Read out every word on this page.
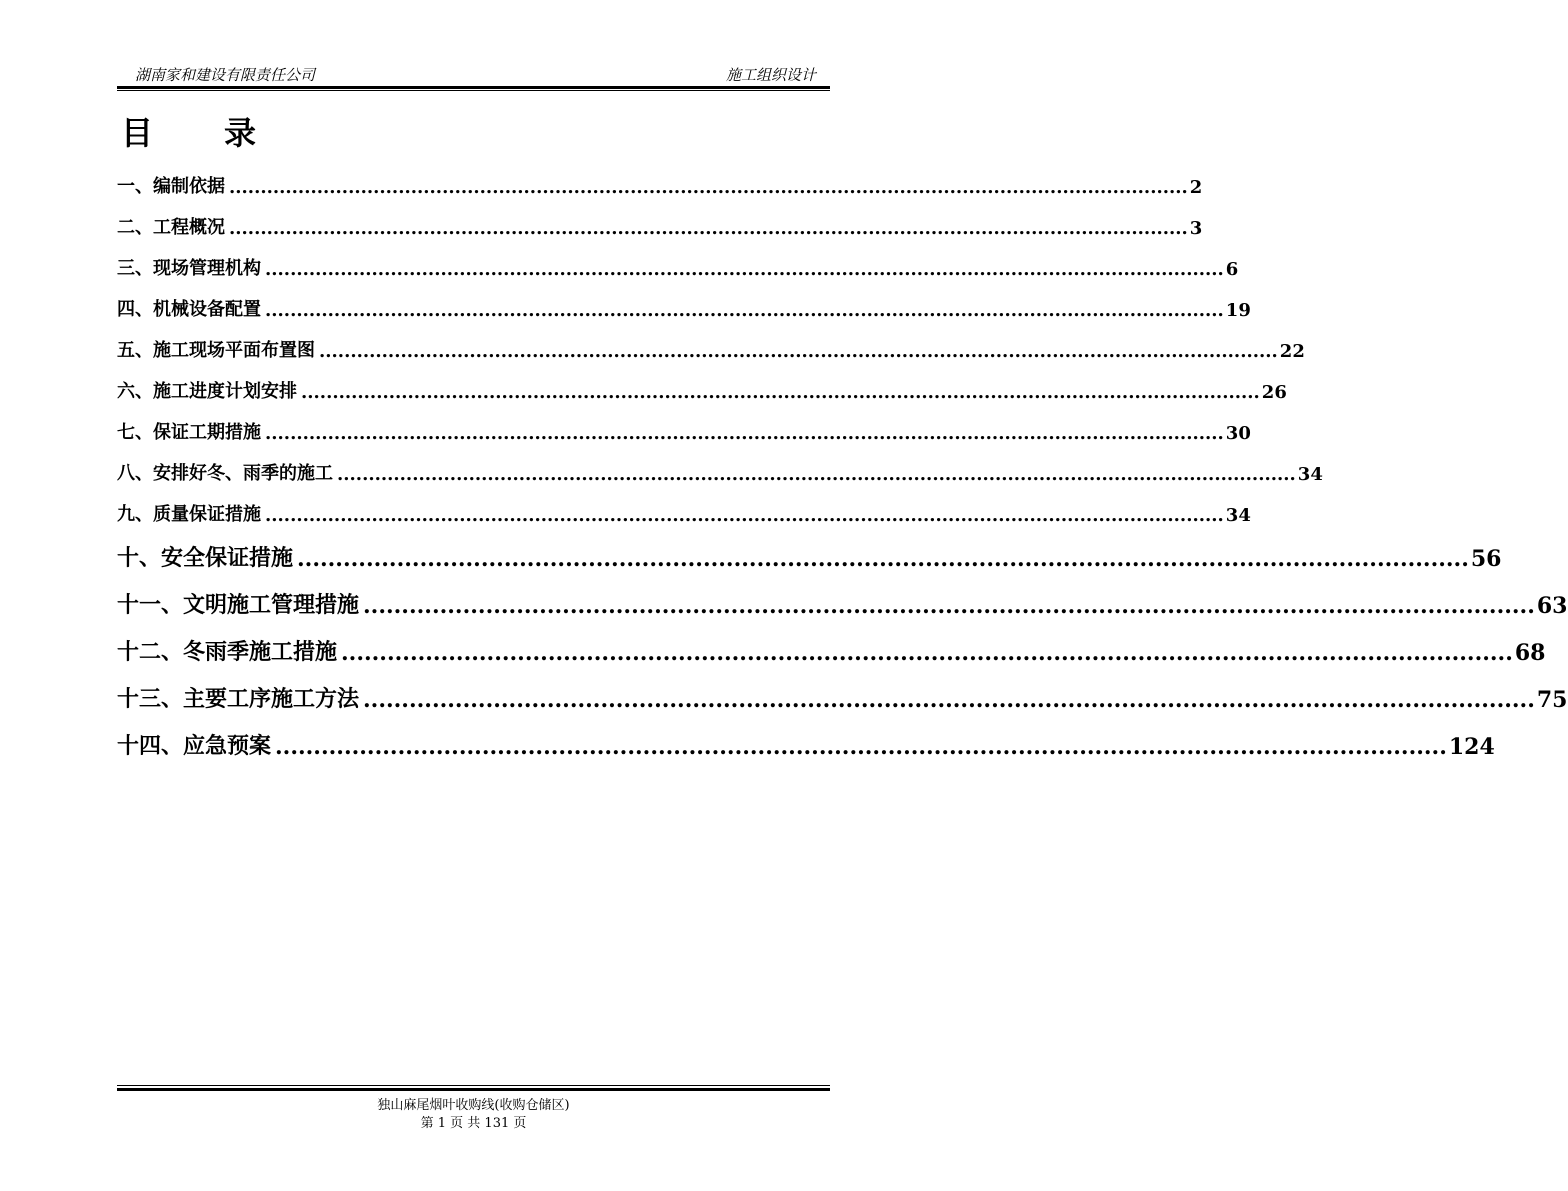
湖南家和建设有限责任公司	施工组织设计
目 录
一、编制依据 ......................................................................................................................................................... 2
二、工程概况 ......................................................................................................................................................... 3
三、现场管理机构 ......................................................................................................................................................... 6
四、机械设备配置 ......................................................................................................................................................... 19
五、施工现场平面布置图 ......................................................................................................................................................... 22
六、施工进度计划安排 ......................................................................................................................................................... 26
七、保证工期措施 ......................................................................................................................................................... 30
八、安排好冬、雨季的施工 ......................................................................................................................................................... 34
九、质量保证措施 ......................................................................................................................................................... 34
十、安全保证措施 ......................................................................................................................................................... 56
十一、文明施工管理措施 ......................................................................................................................................................... 63
十二、冬雨季施工措施 ......................................................................................................................................................... 68
十三、主要工序施工方法 ......................................................................................................................................................... 75
十四、应急预案 ......................................................................................................................................................... 124
独山麻尾烟叶收购线(收购仓储区)
第 1 页 共 131 页
